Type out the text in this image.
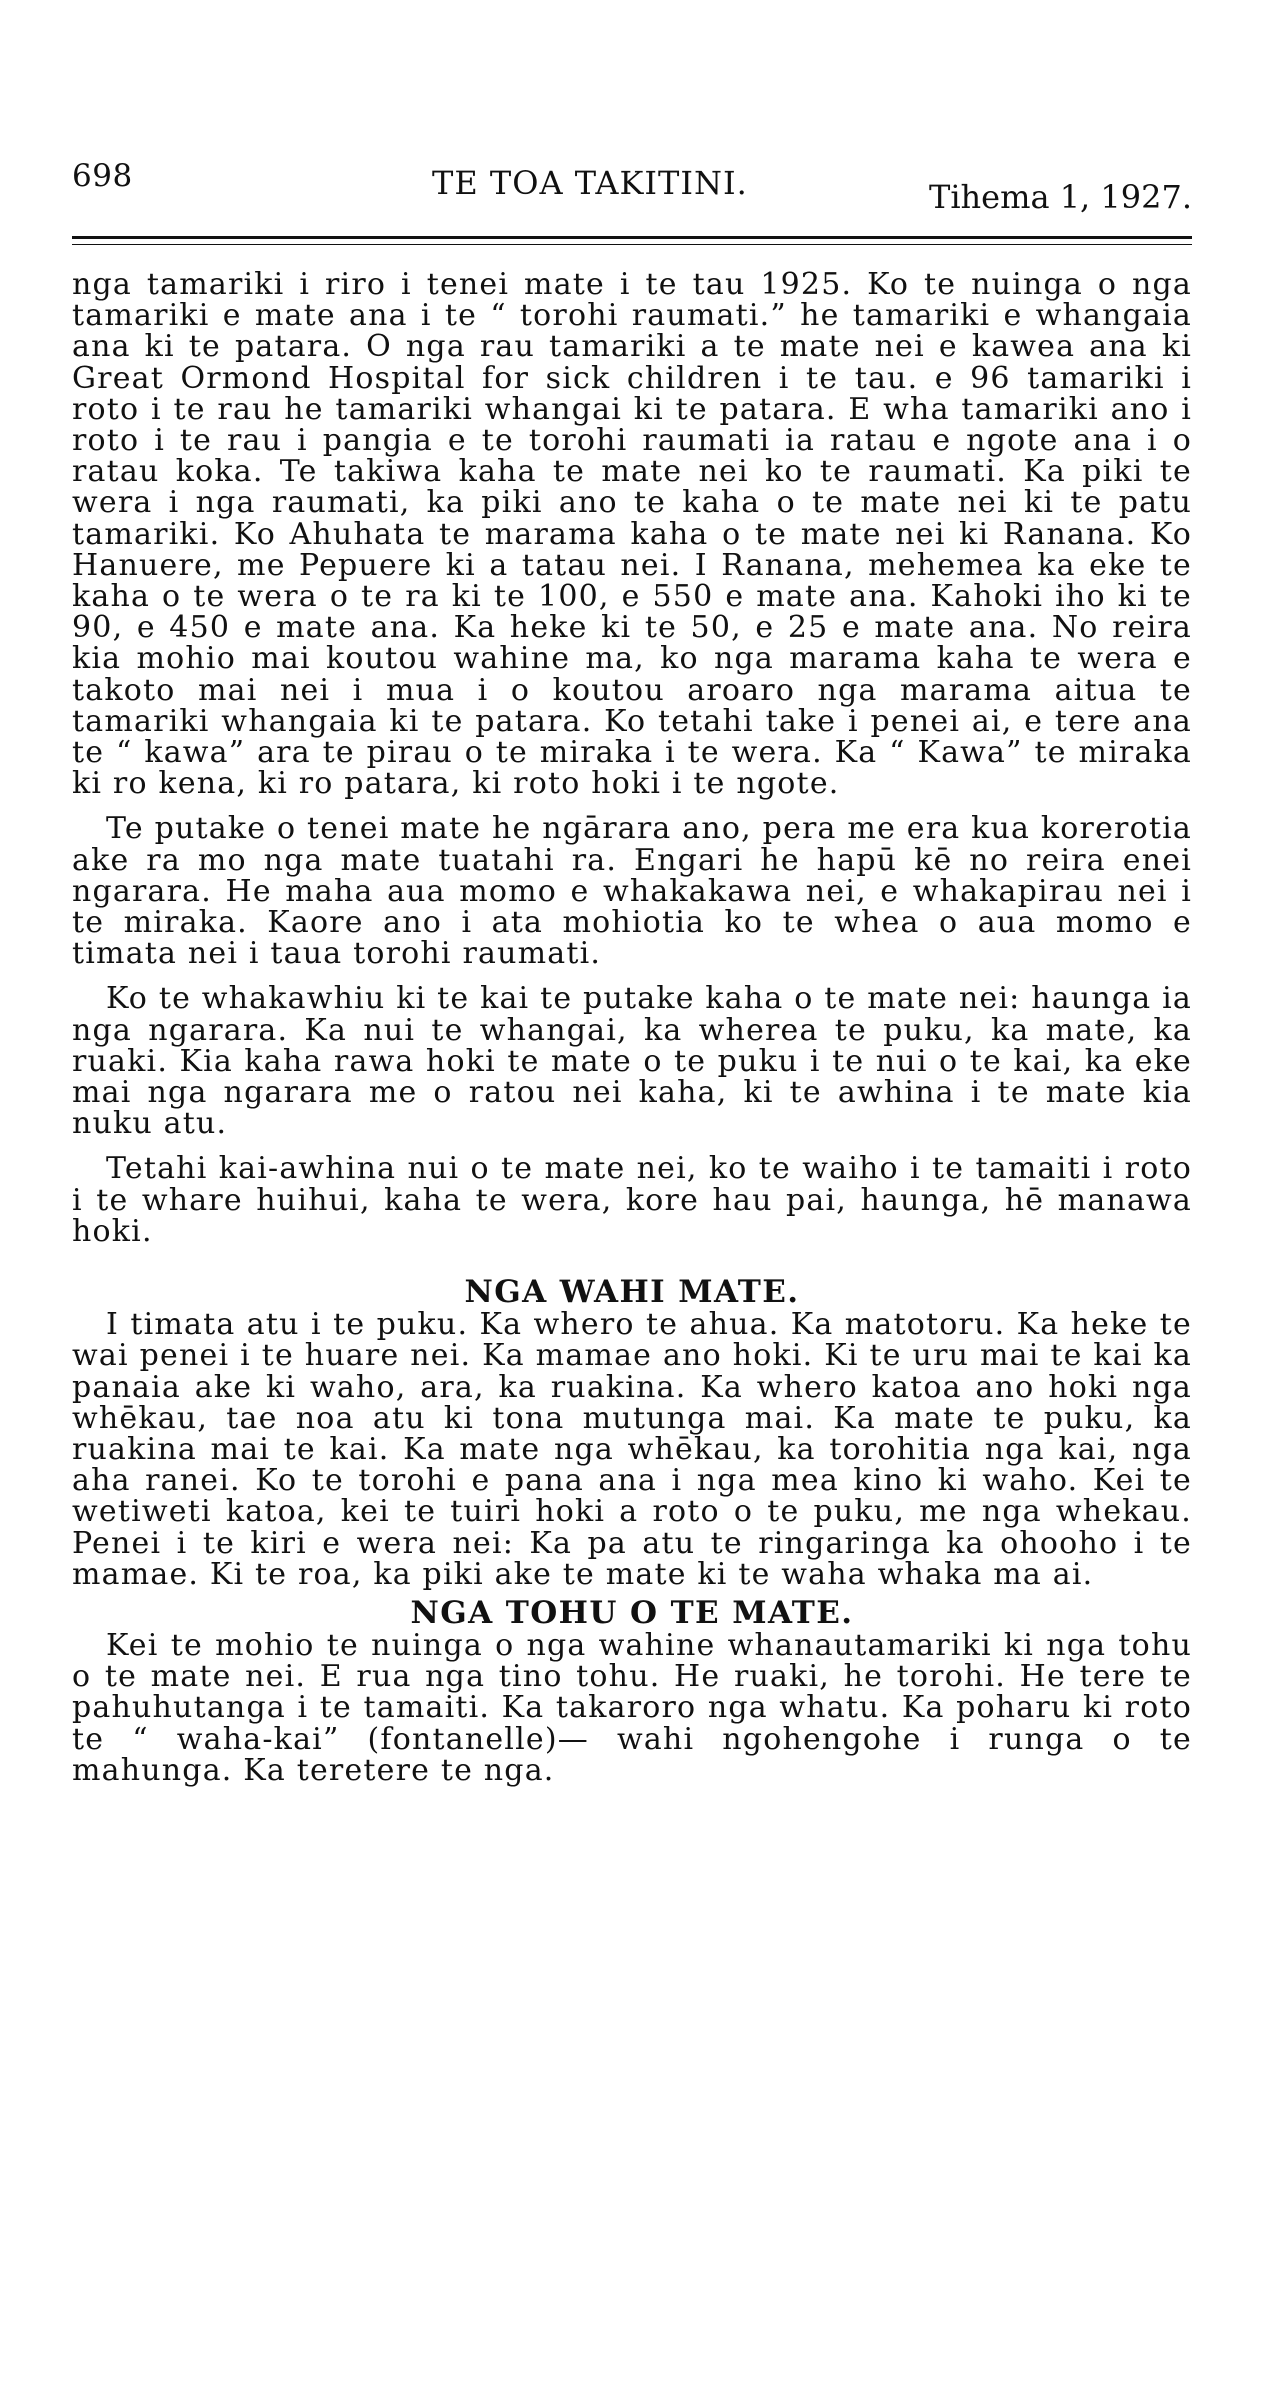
698	TE TOA TAKITINI.	Tihema 1, 1927.

nga tamariki i riro i tenei mate i te tau 1925. Ko te nuinga o nga tamariki e mate ana i te “ torohi raumati.” he tamariki e whangaia ana ki te patara. O nga rau tamariki a te mate nei e kawea ana ki Great Ormond Hospital for sick children i te tau. e 96 tamariki i roto i te rau he tamariki whangai ki te patara. E wha tamariki ano i roto i te rau i pangia e te torohi raumati ia ratau e ngote ana i o ratau koka. Te takiwa kaha te mate nei ko te raumati. Ka piki te wera i nga raumati, ka piki ano te kaha o te mate nei ki te patu tamariki. Ko Ahuhata te marama kaha o te mate nei ki Ranana. Ko Hanuere, me Pepuere ki a tatau nei. I Ranana, mehemea ka eke te kaha o te wera o te ra ki te 100, e 550 e mate ana. Kahoki iho ki te 90, e 450 e mate ana. Ka heke ki te 50, e 25 e mate ana. No reira kia mohio mai koutou wahine ma, ko nga marama kaha te wera e takoto mai nei i mua i o koutou aroaro nga marama aitua te tamariki whangaia ki te patara. Ko tetahi take i penei ai, e tere ana te “ kawa” ara te pirau o te miraka i te wera. Ka “ Kawa” te miraka ki ro kena, ki ro patara, ki roto hoki i te ngote.

Te putake o tenei mate he ngārara ano, pera me era kua korerotia ake ra mo nga mate tuatahi ra. Engari he hapū kē no reira enei ngarara. He maha aua momo e whakakawa nei, e whakapirau nei i te miraka. Kaore ano i ata mohiotia ko te whea o aua momo e timata nei i taua torohi raumati.

Ko te whakawhiu ki te kai te putake kaha o te mate nei: haunga ia nga ngarara. Ka nui te whangai, ka wherea te puku, ka mate, ka ruaki. Kia kaha rawa hoki te mate o te puku i te nui o te kai, ka eke mai nga ngarara me o ratou nei kaha, ki te awhina i te mate kia nuku atu.

Tetahi kai-awhina nui o te mate nei, ko te waiho i te tamaiti i roto i te whare huihui, kaha te wera, kore hau pai, haunga, hē manawa hoki.

NGA WAHI MATE.

I timata atu i te puku. Ka whero te ahua. Ka matotoru. Ka heke te wai penei i te huare nei. Ka mamae ano hoki. Ki te uru mai te kai ka panaia ake ki waho, ara, ka ruakina. Ka whero katoa ano hoki nga whēkau, tae noa atu ki tona mutunga mai. Ka mate te puku, ka ruakina mai te kai. Ka mate nga whēkau, ka torohitia nga kai, nga aha ranei. Ko te torohi e pana ana i nga mea kino ki waho. Kei te wetiweti katoa, kei te tuiri hoki a roto o te puku, me nga whekau. Penei i te kiri e wera nei: Ka pa atu te ringaringa ka ohooho i te mamae. Ki te roa, ka piki ake te mate ki te waha whaka ma ai.

NGA TOHU O TE MATE.

Kei te mohio te nuinga o nga wahine whanautamariki ki nga tohu o te mate nei. E rua nga tino tohu. He ruaki, he torohi. He tere te pahuhutanga i te tamaiti. Ka takaroro nga whatu. Ka poharu ki roto te “ waha-kai” (fontanelle)— wahi ngohengohe i runga o te mahunga. Ka teretere te nga.
